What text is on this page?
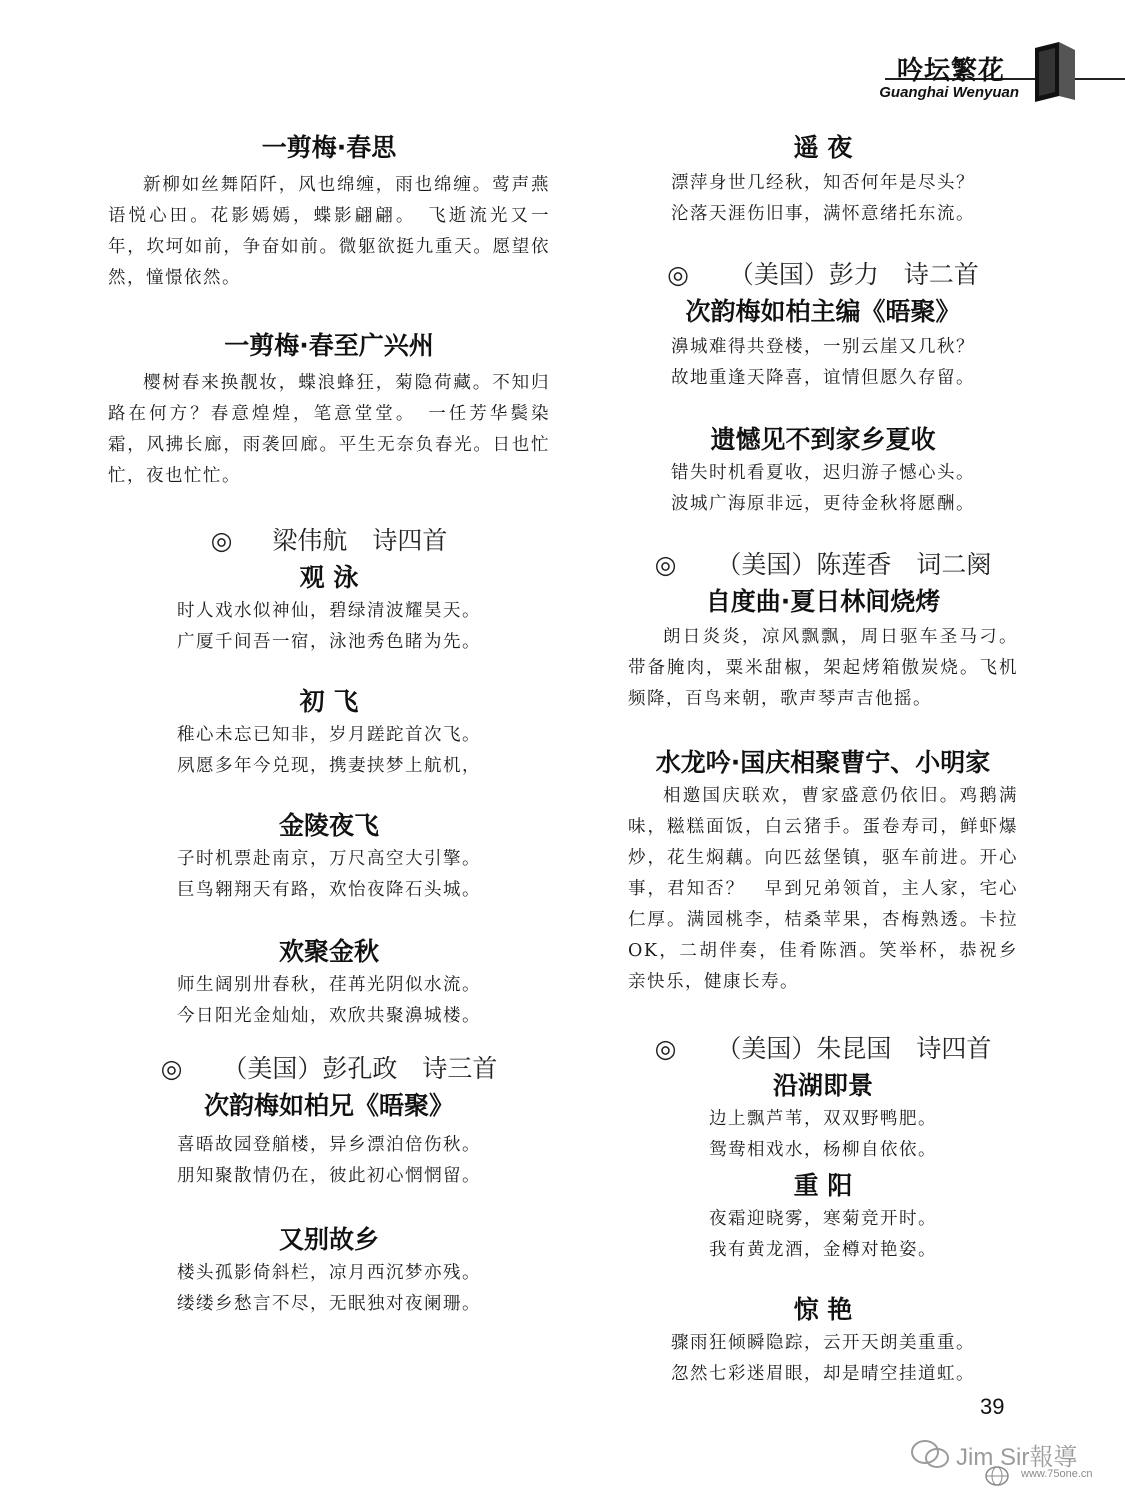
吟坛繁花
Guanghai Wenyuan
一剪梅·春思

新柳如丝舞陌阡，风也绵缠，雨也绵缠。莺声燕语悦心田。花影嫣嫣，蝶影翩翩。　飞逝流光又一年，坎坷如前，争奋如前。微躯欲挺九重天。愿望依然，憧憬依然。

一剪梅·春至广兴州

樱树春来换靓妆，蝶浪蜂狂，菊隐荷藏。不知归路在何方？春意煌煌，笔意堂堂。　一任芳华鬓染霜，风拂长廊，雨袭回廊。平生无奈负春光。日也忙忙，夜也忙忙。

◎ 梁伟航　诗四首
观 泳

时人戏水似神仙，碧绿清波耀昊天。

广厦千间吾一宿，泳池秀色睹为先。

初 飞

稚心未忘已知非，岁月蹉跎首次飞。

夙愿多年今兑现，携妻挟梦上航机，

金陵夜飞

子时机票赴南京，万尺高空大引擎。

巨鸟翱翔天有路，欢怡夜降石头城。

欢聚金秋

师生阔别卅春秋，荏苒光阴似水流。

今日阳光金灿灿，欢欣共聚濞城楼。

◎ （美国）彭孔政　诗三首
次韵梅如柏兄《晤聚》

喜晤故园登艏楼，异乡漂泊倍伤秋。

朋知聚散情仍在，彼此初心惘惘留。

又别故乡

楼头孤影倚斜栏，凉月西沉梦亦残。

缕缕乡愁言不尽，无眠独对夜阑珊。

遥 夜

漂萍身世几经秋，知否何年是尽头？

沦落天涯伤旧事，满怀意绪托东流。

◎ （美国）彭力　诗二首
次韵梅如柏主编《晤聚》

濞城难得共登楼，一别云崖又几秋？

故地重逢天降喜，谊情但愿久存留。

遗憾见不到家乡夏收

错失时机看夏收，迟归游子憾心头。

波城广海原非远，更待金秋将愿酬。

◎ （美国）陈莲香　词二阕
自度曲·夏日林间烧烤

朗日炎炎，凉风飘飘，周日驱车圣马刁。带备腌肉，粟米甜椒，架起烤箱傲炭烧。飞机频降，百鸟来朝，歌声琴声吉他摇。

水龙吟·国庆相聚曹宁、小明家

相邀国庆联欢，曹家盛意仍依旧。鸡鹅满味，糍糕面饭，白云猪手。蛋卷寿司，鲜虾爆炒，花生焖藕。向匹兹堡镇，驱车前进。开心事，君知否？　早到兄弟领首，主人家，宅心仁厚。满园桃李，桔桑苹果，杏梅熟透。卡拉OK，二胡伴奏，佳肴陈酒。笑举杯，恭祝乡亲快乐，健康长寿。

◎ （美国）朱昆国　诗四首
沿湖即景

边上飘芦苇，双双野鸭肥。

鸳鸯相戏水，杨柳自依依。

重 阳

夜霜迎晓雾，寒菊竞开时。

我有黄龙酒，金樽对艳姿。

惊 艳

骤雨狂倾瞬隐踪，云开天朗美重重。

忽然七彩迷眉眼，却是晴空挂道虹。

39
Jim Sir報導
www.75one.cn
